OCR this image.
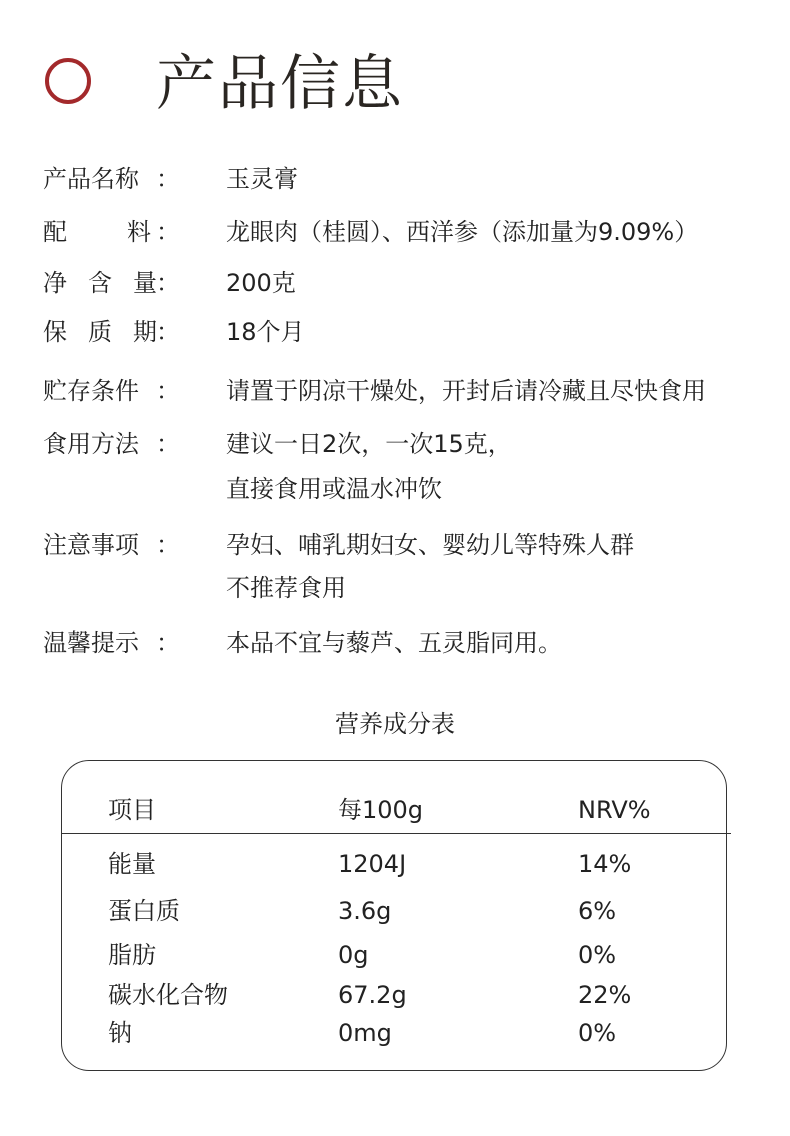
产品信息
产品名称 ： 玉灵膏
配料 ： 龙眼肉（桂圆）、西洋参（添加量为9.09%）
净含量 ： 200克
保质期 ： 18个月
贮存条件 ： 请置于阴凉干燥处，开封后请冷藏且尽快食用
食用方法 ： 建议一日2次，一次15克，
直接食用或温水冲饮
注意事项 ： 孕妇、哺乳期妇女、婴幼儿等特殊人群
不推荐食用
温馨提示 ： 本品不宜与藜芦、五灵脂同用。
营养成分表
项目	每100g	NRV%
能量	1204J	14%
蛋白质	3.6g	6%
脂肪	0g	0%
碳水化合物	67.2g	22%
钠	0mg	0%
